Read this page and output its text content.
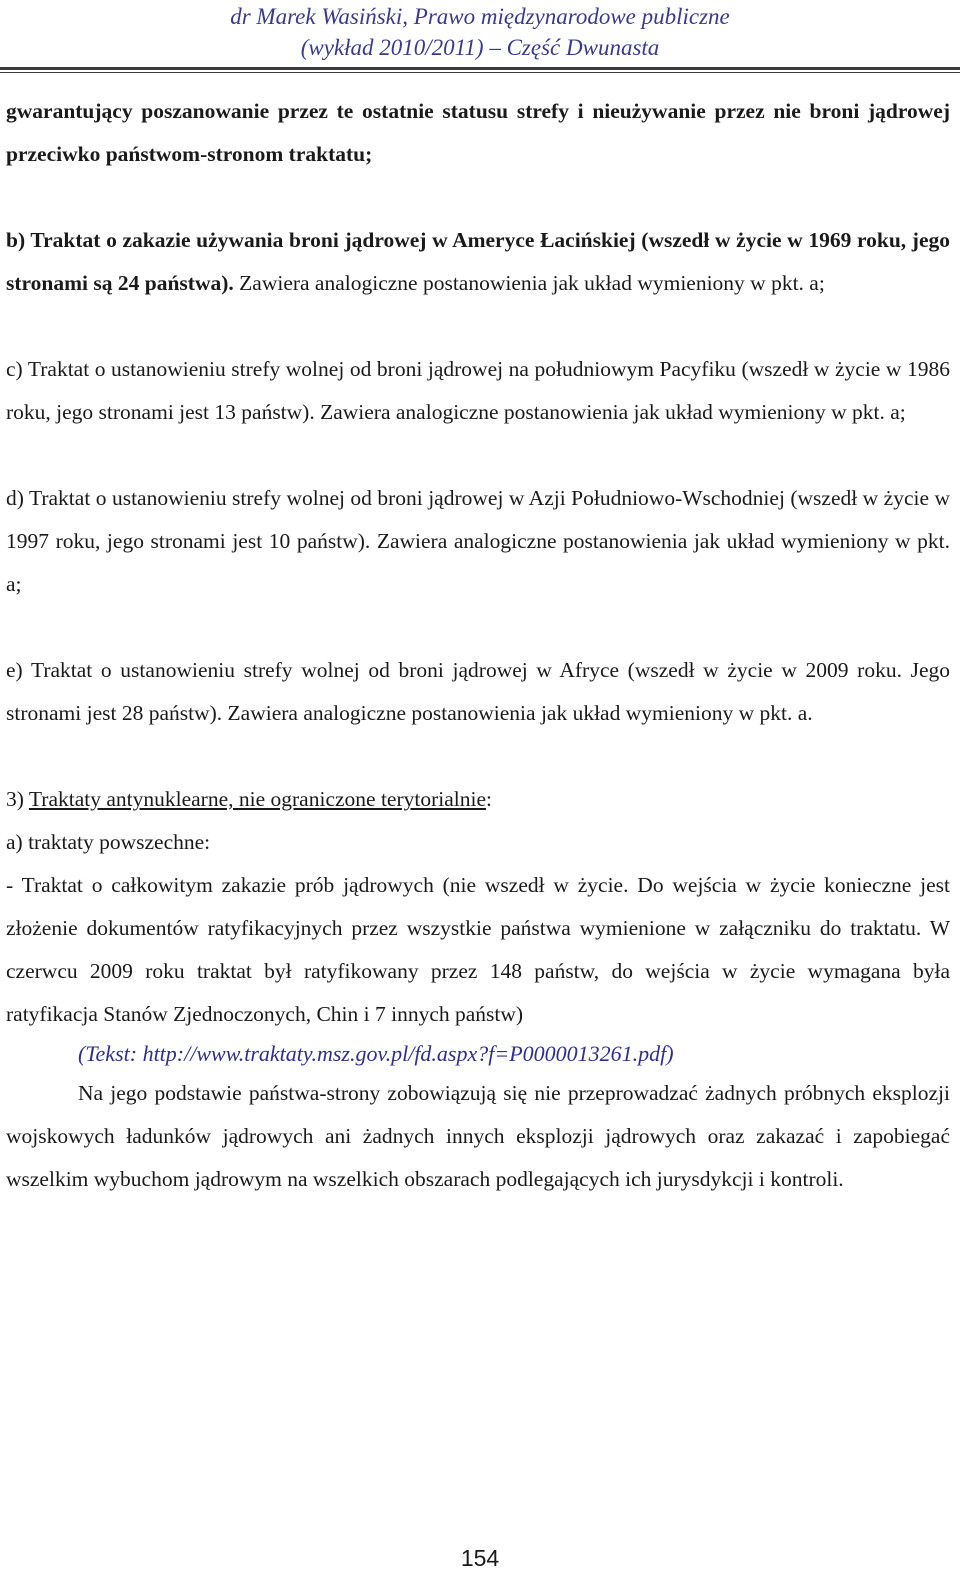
dr Marek Wasiński, Prawo międzynarodowe publiczne
(wykład 2010/2011) – Część Dwunasta

gwarantujący poszanowanie przez te ostatnie statusu strefy i nieużywanie przez nie broni jądrowej przeciwko państwom-stronom traktatu;

b) Traktat o zakazie używania broni jądrowej w Ameryce Łacińskiej (wszedł w życie w 1969 roku, jego stronami są 24 państwa). Zawiera analogiczne postanowienia jak układ wymieniony w pkt. a;

c) Traktat o ustanowieniu strefy wolnej od broni jądrowej na południowym Pacyfiku (wszedł w życie w 1986 roku, jego stronami jest 13 państw). Zawiera analogiczne postanowienia jak układ wymieniony w pkt. a;

d) Traktat o ustanowieniu strefy wolnej od broni jądrowej w Azji Południowo-Wschodniej (wszedł w życie w 1997 roku, jego stronami jest 10 państw). Zawiera analogiczne postanowienia jak układ wymieniony w pkt. a;

e) Traktat o ustanowieniu strefy wolnej od broni jądrowej w Afryce (wszedł w życie w 2009 roku. Jego stronami jest 28 państw). Zawiera analogiczne postanowienia jak układ wymieniony w pkt. a.

3) Traktaty antynuklearne, nie ograniczone terytorialnie:

a) traktaty powszechne:

- Traktat o całkowitym zakazie prób jądrowych (nie wszedł w życie. Do wejścia w życie konieczne jest złożenie dokumentów ratyfikacyjnych przez wszystkie państwa wymienione w załączniku do traktatu. W czerwcu 2009 roku traktat był ratyfikowany przez 148 państw, do wejścia w życie wymagana była ratyfikacja Stanów Zjednoczonych, Chin i 7 innych państw)

(Tekst: http://www.traktaty.msz.gov.pl/fd.aspx?f=P0000013261.pdf)

Na jego podstawie państwa-strony zobowiązują się nie przeprowadzać żadnych próbnych eksplozji wojskowych ładunków jądrowych ani żadnych innych eksplozji jądrowych oraz zakazać i zapobiegać wszelkim wybuchom jądrowym na wszelkich obszarach podlegających ich jurysdykcji i kontroli.

154
